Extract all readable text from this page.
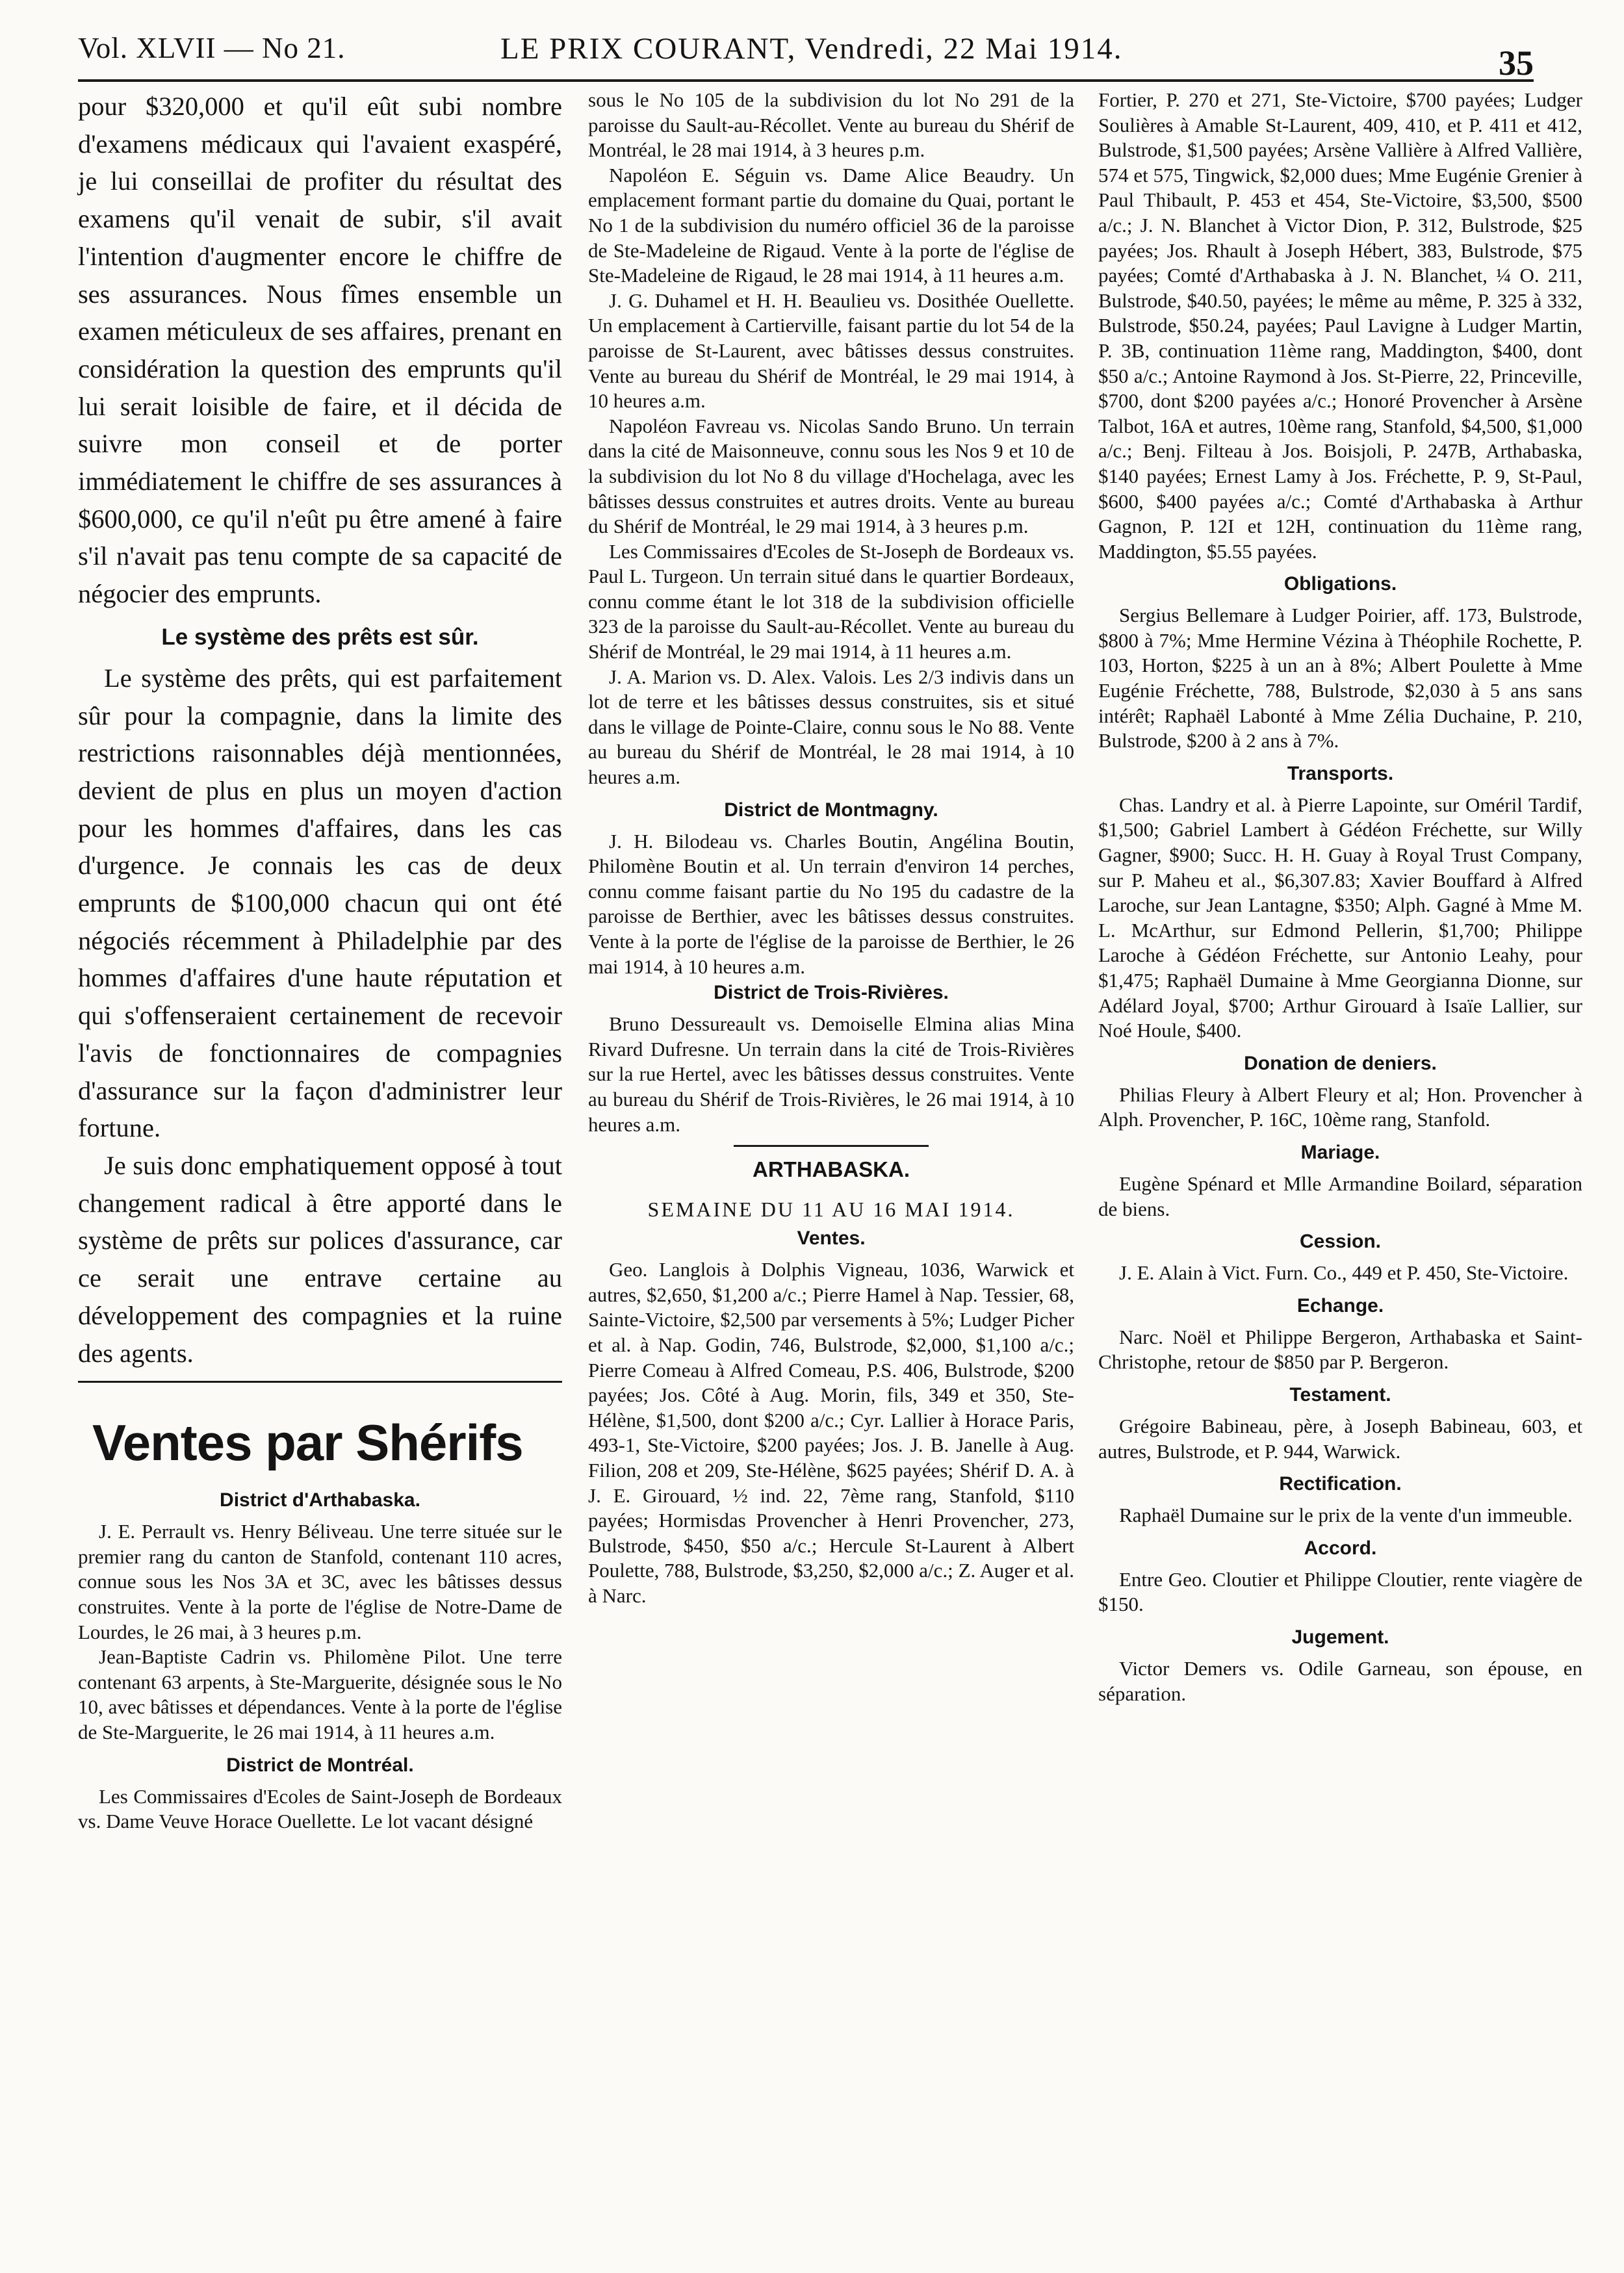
Vol. XLVII — No 21.	LE PRIX COURANT, Vendredi, 22 Mai 1914.	35

pour $320,000 et qu'il eût subi nombre d'examens médicaux qui l'avaient exaspéré, je lui conseillai de profiter du résultat des examens qu'il venait de subir, s'il avait l'intention d'augmenter encore le chiffre de ses assurances. Nous fîmes ensemble un examen méticuleux de ses affaires, prenant en considération la question des emprunts qu'il lui serait loisible de faire, et il décida de suivre mon conseil et de porter immédiatement le chiffre de ses assurances à $600,000, ce qu'il n'eût pu être amené à faire s'il n'avait pas tenu compte de sa capacité de négocier des emprunts.

Le système des prêts est sûr.

Le système des prêts, qui est parfaitement sûr pour la compagnie, dans la limite des restrictions raisonnables déjà mentionnées, devient de plus en plus un moyen d'action pour les hommes d'affaires, dans les cas d'urgence. Je connais les cas de deux emprunts de $100,000 chacun qui ont été négociés récemment à Philadelphie par des hommes d'affaires d'une haute réputation et qui s'offenseraient certainement de recevoir l'avis de fonctionnaires de compagnies d'assurance sur la façon d'administrer leur fortune.

Je suis donc emphatiquement opposé à tout changement radical à être apporté dans le système de prêts sur polices d'assurance, car ce serait une entrave certaine au développement des compagnies et la ruine des agents.

Ventes par Shérifs
District d'Arthabaska.

J. E. Perrault vs. Henry Béliveau. Une terre située sur le premier rang du canton de Stanfold, contenant 110 acres, connue sous les Nos 3A et 3C, avec les bâtisses dessus construites. Vente à la porte de l'église de Notre-Dame de Lourdes, le 26 mai, à 3 heures p.m.

Jean-Baptiste Cadrin vs. Philomène Pilot. Une terre contenant 63 arpents, à Ste-Marguerite, désignée sous le No 10, avec bâtisses et dépendances. Vente à la porte de l'église de Ste-Marguerite, le 26 mai 1914, à 11 heures a.m.

District de Montréal.

Les Commissaires d'Ecoles de Saint-Joseph de Bordeaux vs. Dame Veuve Horace Ouellette. Le lot vacant désigné

sous le No 105 de la subdivision du lot No 291 de la paroisse du Sault-au-Récollet. Vente au bureau du Shérif de Montréal, le 28 mai 1914, à 3 heures p.m.

Napoléon E. Séguin vs. Dame Alice Beaudry. Un emplacement formant partie du domaine du Quai, portant le No 1 de la subdivision du numéro officiel 36 de la paroisse de Ste-Madeleine de Rigaud. Vente à la porte de l'église de Ste-Madeleine de Rigaud, le 28 mai 1914, à 11 heures a.m.

J. G. Duhamel et H. H. Beaulieu vs. Dosithée Ouellette. Un emplacement à Cartierville, faisant partie du lot 54 de la paroisse de St-Laurent, avec bâtisses dessus construites. Vente au bureau du Shérif de Montréal, le 29 mai 1914, à 10 heures a.m.

Napoléon Favreau vs. Nicolas Sando Bruno. Un terrain dans la cité de Maisonneuve, connu sous les Nos 9 et 10 de la subdivision du lot No 8 du village d'Hochelaga, avec les bâtisses dessus construites et autres droits. Vente au bureau du Shérif de Montréal, le 29 mai 1914, à 3 heures p.m.

Les Commissaires d'Ecoles de St-Joseph de Bordeaux vs. Paul L. Turgeon. Un terrain situé dans le quartier Bordeaux, connu comme étant le lot 318 de la subdivision officielle 323 de la paroisse du Sault-au-Récollet. Vente au bureau du Shérif de Montréal, le 29 mai 1914, à 11 heures a.m.

J. A. Marion vs. D. Alex. Valois. Les 2/3 indivis dans un lot de terre et les bâtisses dessus construites, sis et situé dans le village de Pointe-Claire, connu sous le No 88. Vente au bureau du Shérif de Montréal, le 28 mai 1914, à 10 heures a.m.

District de Montmagny.

J. H. Bilodeau vs. Charles Boutin, Angélina Boutin, Philomène Boutin et al. Un terrain d'environ 14 perches, connu comme faisant partie du No 195 du cadastre de la paroisse de Berthier, avec les bâtisses dessus construites. Vente à la porte de l'église de la paroisse de Berthier, le 26 mai 1914, à 10 heures a.m.

District de Trois-Rivières.

Bruno Dessureault vs. Demoiselle Elmina alias Mina Rivard Dufresne. Un terrain dans la cité de Trois-Rivières sur la rue Hertel, avec les bâtisses dessus construites. Vente au bureau du Shérif de Trois-Rivières, le 26 mai 1914, à 10 heures a.m.

ARTHABASKA.
SEMAINE DU 11 AU 16 MAI 1914.
Ventes.

Geo. Langlois à Dolphis Vigneau, 1036, Warwick et autres, $2,650, $1,200 a/c.; Pierre Hamel à Nap. Tessier, 68, Sainte-Victoire, $2,500 par versements à 5%; Ludger Picher et al. à Nap. Godin, 746, Bulstrode, $2,000, $1,100 a/c.; Pierre Comeau à Alfred Comeau, P.S. 406, Bulstrode, $200 payées; Jos. Côté à Aug. Morin, fils, 349 et 350, Ste-Hélène, $1,500, dont $200 a/c.; Cyr. Lallier à Horace Paris, 493-1, Ste-Victoire, $200 payées; Jos. J. B. Janelle à Aug. Filion, 208 et 209, Ste-Hélène, $625 payées; Shérif D. A. à J. E. Girouard, ½ ind. 22, 7ème rang, Stanfold, $110 payées; Hormisdas Provencher à Henri Provencher, 273, Bulstrode, $450, $50 a/c.; Hercule St-Laurent à Albert Poulette, 788, Bulstrode, $3,250, $2,000 a/c.; Z. Auger et al. à Narc.

Fortier, P. 270 et 271, Ste-Victoire, $700 payées; Ludger Soulières à Amable St-Laurent, 409, 410, et P. 411 et 412, Bulstrode, $1,500 payées; Arsène Vallière à Alfred Vallière, 574 et 575, Tingwick, $2,000 dues; Mme Eugénie Grenier à Paul Thibault, P. 453 et 454, Ste-Victoire, $3,500, $500 a/c.; J. N. Blanchet à Victor Dion, P. 312, Bulstrode, $25 payées; Jos. Rhault à Joseph Hébert, 383, Bulstrode, $75 payées; Comté d'Arthabaska à J. N. Blanchet, ¼ O. 211, Bulstrode, $40.50, payées; le même au même, P. 325 à 332, Bulstrode, $50.24, payées; Paul Lavigne à Ludger Martin, P. 3B, continuation 11ème rang, Maddington, $400, dont $50 a/c.; Antoine Raymond à Jos. St-Pierre, 22, Princeville, $700, dont $200 payées a/c.; Honoré Provencher à Arsène Talbot, 16A et autres, 10ème rang, Stanfold, $4,500, $1,000 a/c.; Benj. Filteau à Jos. Boisjoli, P. 247B, Arthabaska, $140 payées; Ernest Lamy à Jos. Fréchette, P. 9, St-Paul, $600, $400 payées a/c.; Comté d'Arthabaska à Arthur Gagnon, P. 12I et 12H, continuation du 11ème rang, Maddington, $5.55 payées.

Obligations.

Sergius Bellemare à Ludger Poirier, aff. 173, Bulstrode, $800 à 7%; Mme Hermine Vézina à Théophile Rochette, P. 103, Horton, $225 à un an à 8%; Albert Poulette à Mme Eugénie Fréchette, 788, Bulstrode, $2,030 à 5 ans sans intérêt; Raphaël Labonté à Mme Zélia Duchaine, P. 210, Bulstrode, $200 à 2 ans à 7%.

Transports.

Chas. Landry et al. à Pierre Lapointe, sur Oméril Tardif, $1,500; Gabriel Lambert à Gédéon Fréchette, sur Willy Gagner, $900; Succ. H. H. Guay à Royal Trust Company, sur P. Maheu et al., $6,307.83; Xavier Bouffard à Alfred Laroche, sur Jean Lantagne, $350; Alph. Gagné à Mme M. L. McArthur, sur Edmond Pellerin, $1,700; Philippe Laroche à Gédéon Fréchette, sur Antonio Leahy, pour $1,475; Raphaël Dumaine à Mme Georgianna Dionne, sur Adélard Joyal, $700; Arthur Girouard à Isaïe Lallier, sur Noé Houle, $400.

Donation de deniers.

Philias Fleury à Albert Fleury et al; Hon. Provencher à Alph. Provencher, P. 16C, 10ème rang, Stanfold.

Mariage.

Eugène Spénard et Mlle Armandine Boilard, séparation de biens.

Cession.

J. E. Alain à Vict. Furn. Co., 449 et P. 450, Ste-Victoire.

Echange.

Narc. Noël et Philippe Bergeron, Arthabaska et Saint-Christophe, retour de $850 par P. Bergeron.

Testament.

Grégoire Babineau, père, à Joseph Babineau, 603, et autres, Bulstrode, et P. 944, Warwick.

Rectification.

Raphaël Dumaine sur le prix de la vente d'un immeuble.

Accord.

Entre Geo. Cloutier et Philippe Cloutier, rente viagère de $150.

Jugement.

Victor Demers vs. Odile Garneau, son épouse, en séparation.
